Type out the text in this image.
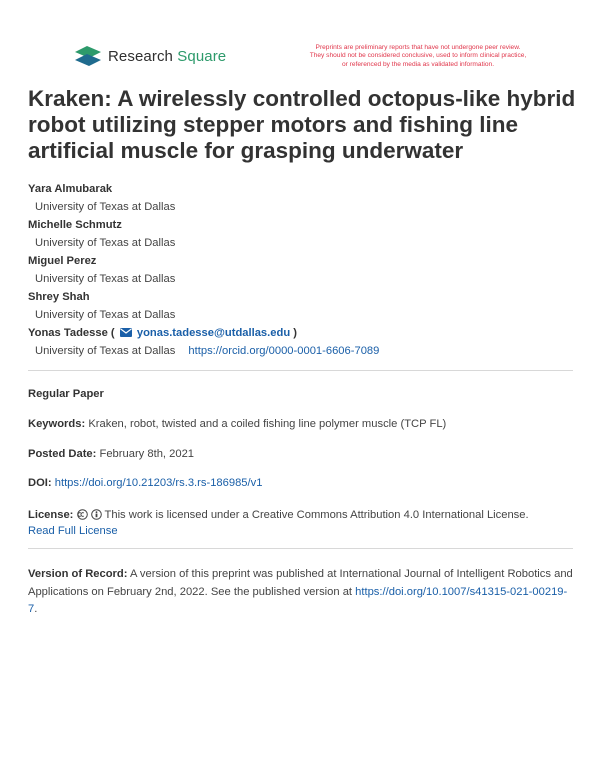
Research Square	Preprints are preliminary reports that have not undergone peer review.
They should not be considered conclusive, used to inform clinical practice,
or referenced by the media as validated information.
Kraken: A wirelessly controlled octopus-like hybrid robot utilizing stepper motors and fishing line artificial muscle for grasping underwater
Yara Almubarak
University of Texas at Dallas
Michelle Schmutz
University of Texas at Dallas
Miguel Perez
University of Texas at Dallas
Shrey Shah
University of Texas at Dallas
Yonas Tadesse (  yonas.tadesse@utdallas.edu )
University of Texas at Dallas https://orcid.org/0000-0001-6606-7089
Regular Paper
Keywords: Kraken, robot, twisted and a coiled fishing line polymer muscle (TCP FL)
Posted Date: February 8th, 2021
DOI: https://doi.org/10.21203/rs.3.rs-186985/v1
License:	This work is licensed under a Creative Commons Attribution 4.0 International License.
Read Full License
Version of Record: A version of this preprint was published at International Journal of Intelligent Robotics and Applications on February 2nd, 2022. See the published version at https://doi.org/10.1007/s41315-021-00219-7.
